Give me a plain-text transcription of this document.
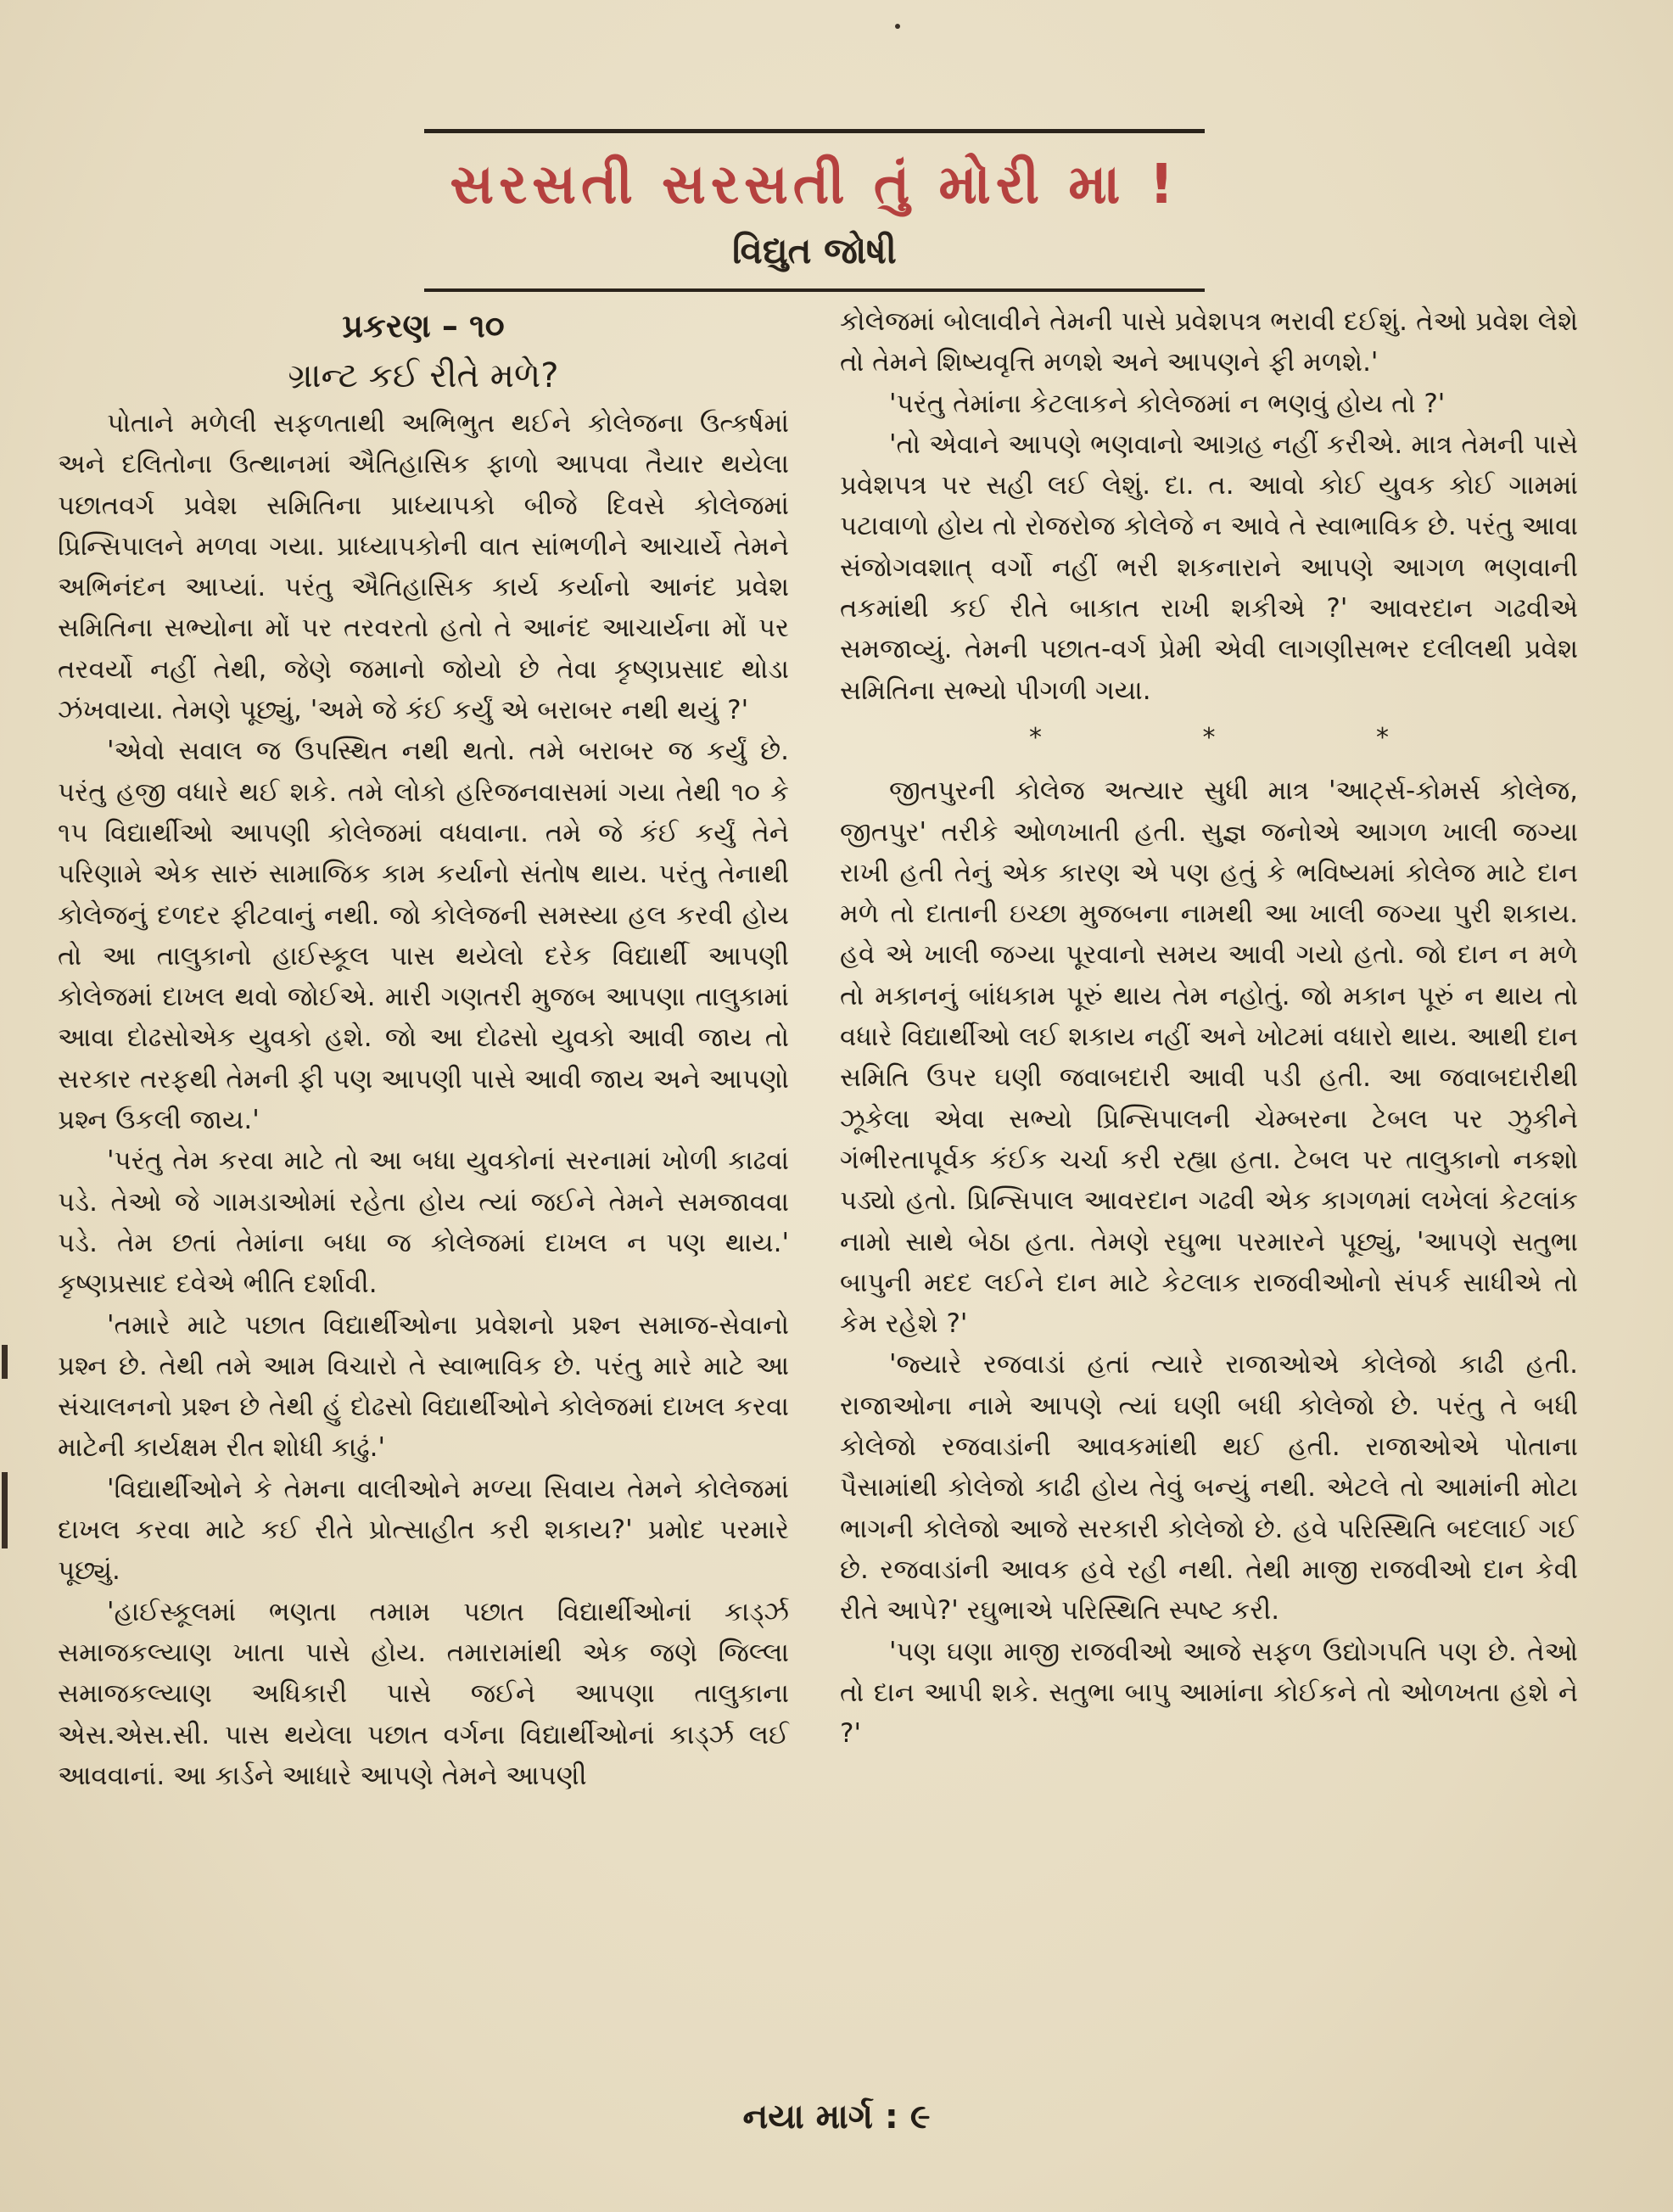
સરસતી સરસતી તું મોરી મા !
વિદ્યુત જોષી

પ્રકરણ – ૧૦

ગ્રાન્ટ કઈ રીતે મળે?

પોતાને મળેલી સફળતાથી અભિભુત થઈને કોલેજના ઉત્કર્ષમાં અને દલિતોના ઉત્થાનમાં ઐતિહાસિક ફાળો આપવા તૈયાર થયેલા પછાતવર્ગ પ્રવેશ સમિતિના પ્રાધ્યાપકો બીજે દિવસે કોલેજમાં પ્રિન્સિપાલને મળવા ગયા. પ્રાધ્યાપકોની વાત સાંભળીને આચાર્યે તેમને અભિનંદન આપ્યાં. પરંતુ ઐતિહાસિક કાર્ય કર્યાનો આનંદ પ્રવેશ સમિતિના સભ્યોના મોં પર તરવરતો હતો તે આનંદ આચાર્યના મોં પર તરવર્યો નહીં તેથી, જેણે જમાનો જોયો છે તેવા કૃષ્ણપ્રસાદ થોડા ઝંખવાયા. તેમણે પૂછ્યું, 'અમે જે કંઈ કર્યું એ બરાબર નથી થયું ?'

'એવો સવાલ જ ઉપસ્થિત નથી થતો. તમે બરાબર જ કર્યું છે. પરંતુ હજી વધારે થઈ શકે. તમે લોકો હરિજનવાસમાં ગયા તેથી ૧૦ કે ૧૫ વિદ્યાર્થીઓ આપણી કોલેજમાં વધવાના. તમે જે કંઈ કર્યું તેને પરિણામે એક સારું સામાજિક કામ કર્યાનો સંતોષ થાય. પરંતુ તેનાથી કોલેજનું દળદર ફીટવાનું નથી. જો કોલેજની સમસ્યા હલ કરવી હોય તો આ તાલુકાનો હાઈસ્કૂલ પાસ થયેલો દરેક વિદ્યાર્થી આપણી કોલેજમાં દાખલ થવો જોઈએ. મારી ગણતરી મુજબ આપણા તાલુકામાં આવા દોઢસોએક યુવકો હશે. જો આ દોઢસો યુવકો આવી જાય તો સરકાર તરફથી તેમની ફી પણ આપણી પાસે આવી જાય અને આપણો પ્રશ્ન ઉકલી જાય.'

'પરંતુ તેમ કરવા માટે તો આ બધા યુવકોનાં સરનામાં ખોળી કાઢવાં પડે. તેઓ જે ગામડાઓમાં રહેતા હોય ત્યાં જઈને તેમને સમજાવવા પડે. તેમ છતાં તેમાંના બધા જ કોલેજમાં દાખલ ન પણ થાય.' કૃષ્ણપ્રસાદ દવેએ ભીતિ દર્શાવી.

'તમારે માટે પછાત વિદ્યાર્થીઓના પ્રવેશનો પ્રશ્ન સમાજ-સેવાનો પ્રશ્ન છે. તેથી તમે આમ વિચારો તે સ્વાભાવિક છે. પરંતુ મારે માટે આ સંચાલનનો પ્રશ્ન છે તેથી હું દોઢસો વિદ્યાર્થીઓને કોલેજમાં દાખલ કરવા માટેની કાર્યક્ષમ રીત શોધી કાઢું.'

'વિદ્યાર્થીઓને કે તેમના વાલીઓને મળ્યા સિવાય તેમને કોલેજમાં દાખલ કરવા માટે કઈ રીતે પ્રોત્સાહીત કરી શકાય?' પ્રમોદ પરમારે પૂછ્યું.

'હાઈસ્કૂલમાં ભણતા તમામ પછાત વિદ્યાર્થીઓનાં કાર્ડ્ઝ સમાજકલ્યાણ ખાતા પાસે હોય. તમારામાંથી એક જણે જિલ્લા સમાજકલ્યાણ અધિકારી પાસે જઈને આપણા તાલુકાના એસ.એસ.સી. પાસ થયેલા પછાત વર્ગના વિદ્યાર્થીઓનાં કાર્ડ્ઝ લઈ આવવાનાં. આ કાર્ડને આધારે આપણે તેમને આપણી

કોલેજમાં બોલાવીને તેમની પાસે પ્રવેશપત્ર ભરાવી દઈશું. તેઓ પ્રવેશ લેશે તો તેમને શિષ્યવૃત્તિ મળશે અને આપણને ફી મળશે.'

'પરંતુ તેમાંના કેટલાકને કોલેજમાં ન ભણવું હોય તો ?'

'તો એવાને આપણે ભણવાનો આગ્રહ નહીં કરીએ. માત્ર તેમની પાસે પ્રવેશપત્ર પર સહી લઈ લેશું. દા. ત. આવો કોઈ યુવક કોઈ ગામમાં પટાવાળો હોય તો રોજરોજ કોલેજે ન આવે તે સ્વાભાવિક છે. પરંતુ આવા સંજોગવશાત્ વર્ગો નહીં ભરી શકનારાને આપણે આગળ ભણવાની તકમાંથી કઈ રીતે બાકાત રાખી શકીએ ?' આવરદાન ગઢવીએ સમજાવ્યું. તેમની પછાત-વર્ગ પ્રેમી એવી લાગણીસભર દલીલથી પ્રવેશ સમિતિના સભ્યો પીગળી ગયા.

* * *

જીતપુરની કોલેજ અત્યાર સુધી માત્ર 'આર્ટ્સ-કોમર્સ કોલેજ, જીતપુર' તરીકે ઓળખાતી હતી. સુજ્ઞ જનોએ આગળ ખાલી જગ્યા રાખી હતી તેનું એક કારણ એ પણ હતું કે ભવિષ્યમાં કોલેજ માટે દાન મળે તો દાતાની ઇચ્છા મુજબના નામથી આ ખાલી જગ્યા પુરી શકાય. હવે એ ખાલી જગ્યા પૂરવાનો સમય આવી ગયો હતો. જો દાન ન મળે તો મકાનનું બાંધકામ પૂરું થાય તેમ નહોતું. જો મકાન પૂરું ન થાય તો વધારે વિદ્યાર્થીઓ લઈ શકાય નહીં અને ખોટમાં વધારો થાય. આથી દાન સમિતિ ઉપર ઘણી જવાબદારી આવી પડી હતી. આ જવાબદારીથી ઝૂકેલા એવા સભ્યો પ્રિન્સિપાલની ચેમ્બરના ટેબલ પર ઝુકીને ગંભીરતાપૂર્વક કંઈક ચર્ચા કરી રહ્યા હતા. ટેબલ પર તાલુકાનો નકશો પડ્યો હતો. પ્રિન્સિપાલ આવરદાન ગઢવી એક કાગળમાં લખેલાં કેટલાંક નામો સાથે બેઠા હતા. તેમણે રઘુભા પરમારને પૂછ્યું, 'આપણે સતુભા બાપુની મદદ લઈને દાન માટે કેટલાક રાજવીઓનો સંપર્ક સાધીએ તો કેમ રહેશે ?'

'જ્યારે રજવાડાં હતાં ત્યારે રાજાઓએ કોલેજો કાઢી હતી. રાજાઓના નામે આપણે ત્યાં ઘણી બધી કોલેજો છે. પરંતુ તે બધી કોલેજો રજવાડાંની આવકમાંથી થઈ હતી. રાજાઓએ પોતાના પૈસામાંથી કોલેજો કાઢી હોય તેવું બન્યું નથી. એટલે તો આમાંની મોટા ભાગની કોલેજો આજે સરકારી કોલેજો છે. હવે પરિસ્થિતિ બદલાઈ ગઈ છે. રજવાડાંની આવક હવે રહી નથી. તેથી માજી રાજવીઓ દાન કેવી રીતે આપે?' રઘુભાએ પરિસ્થિતિ સ્પષ્ટ કરી.

'પણ ઘણા માજી રાજવીઓ આજે સફળ ઉદ્યોગપતિ પણ છે. તેઓ તો દાન આપી શકે. સતુભા બાપુ આમાંના કોઈકને તો ઓળખતા હશે ને ?'

નયા માર્ગ : ૯
